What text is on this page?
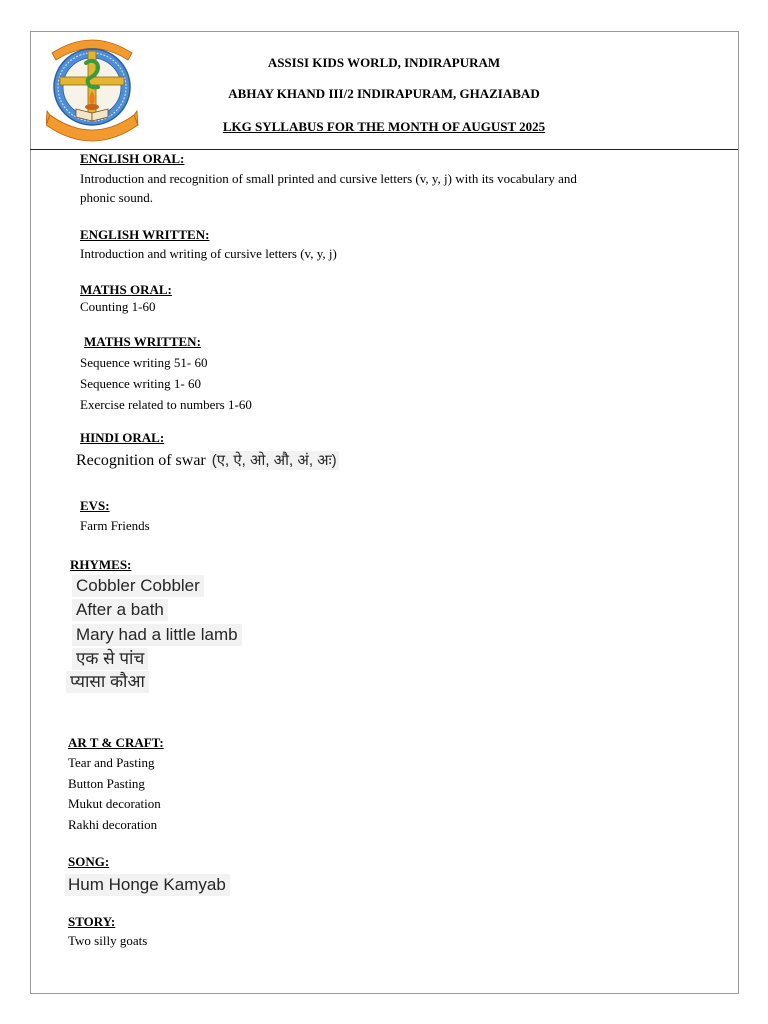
ASSISI KIDS WORLD, INDIRAPURAM
ABHAY KHAND III/2 INDIRAPURAM, GHAZIABAD
LKG SYLLABUS FOR THE MONTH OF AUGUST 2025
ENGLISH ORAL:
Introduction and recognition of small printed and cursive letters (v, y, j) with its vocabulary and
phonic sound.
ENGLISH WRITTEN:
Introduction and writing of cursive letters (v, y, j)
MATHS ORAL:
Counting 1-60
MATHS WRITTEN:
Sequence writing 51- 60
Sequence writing 1- 60
Exercise related to numbers 1-60
HINDI ORAL:
Recognition of swar (ए, ऐ, ओ, औ, अं, अः)
EVS:
Farm Friends
RHYMES:
Cobbler Cobbler
After a bath
Mary had a little lamb
एक से पांच
प्यासा कौआ
AR T & CRAFT:
Tear and Pasting
Button Pasting
Mukut decoration
Rakhi decoration
SONG:
Hum Honge Kamyab
STORY:
Two silly goats
